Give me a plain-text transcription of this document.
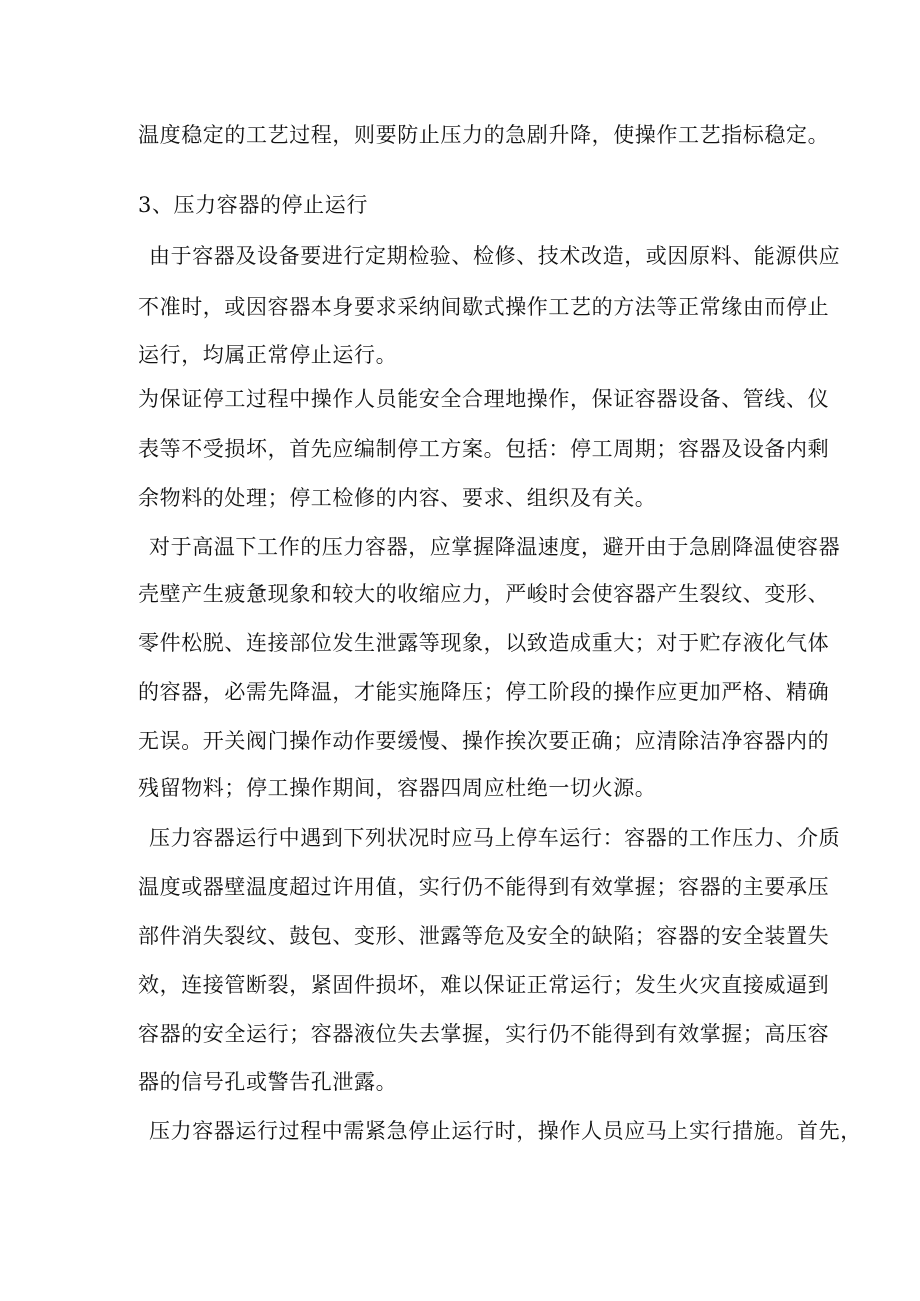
温度稳定的工艺过程，则要防止压力的急剧升降，使操作工艺指标稳定。
3、压力容器的停止运行
由于容器及设备要进行定期检验、检修、技术改造，或因原料、能源供应
不准时，或因容器本身要求采纳间歇式操作工艺的方法等正常缘由而停止
运行，均属正常停止运行。
为保证停工过程中操作人员能安全合理地操作，保证容器设备、管线、仪
表等不受损坏，首先应编制停工方案。包括：停工周期；容器及设备内剩
余物料的处理；停工检修的内容、要求、组织及有关。
对于高温下工作的压力容器，应掌握降温速度，避开由于急剧降温使容器
壳壁产生疲惫现象和较大的收缩应力，严峻时会使容器产生裂纹、变形、
零件松脱、连接部位发生泄露等现象，以致造成重大；对于贮存液化气体
的容器，必需先降温，才能实施降压；停工阶段的操作应更加严格、精确
无误。开关阀门操作动作要缓慢、操作挨次要正确；应清除洁净容器内的
残留物料；停工操作期间，容器四周应杜绝一切火源。
压力容器运行中遇到下列状况时应马上停车运行：容器的工作压力、介质
温度或器壁温度超过许用值，实行仍不能得到有效掌握；容器的主要承压
部件消失裂纹、鼓包、变形、泄露等危及安全的缺陷；容器的安全装置失
效，连接管断裂，紧固件损坏，难以保证正常运行；发生火灾直接威逼到
容器的安全运行；容器液位失去掌握，实行仍不能得到有效掌握；高压容
器的信号孔或警告孔泄露。
压力容器运行过程中需紧急停止运行时，操作人员应马上实行措施。首先，
